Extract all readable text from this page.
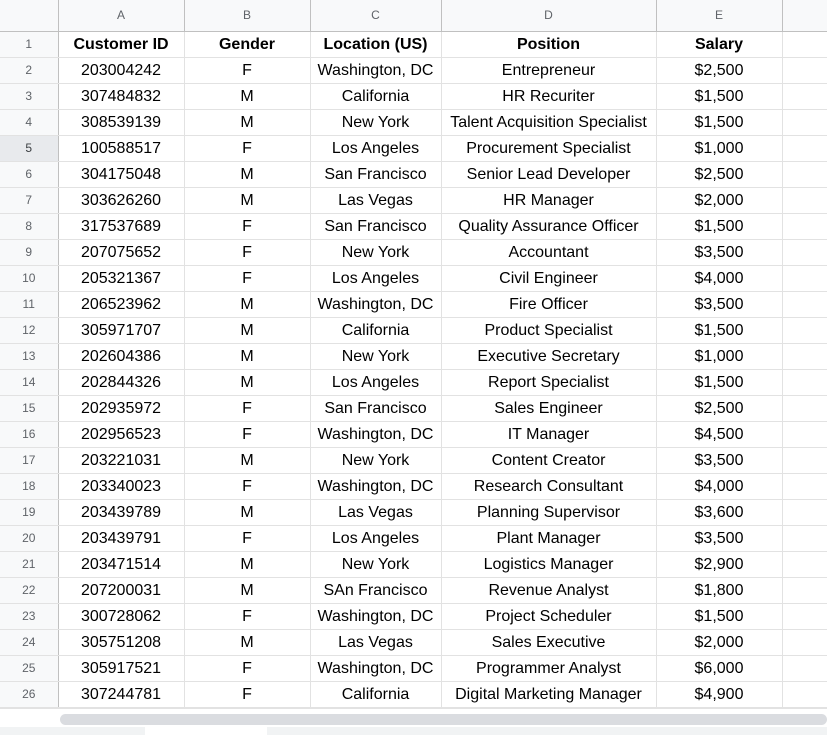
	A	B	C	D	E	
1	Customer ID	Gender	Location (US)	Position	Salary	
2	203004242	F	Washington, DC	Entrepreneur	$2,500	
3	307484832	M	California	HR Recuriter	$1,500	
4	308539139	M	New York	Talent Acquisition Specialist	$1,500	
5	100588517	F	Los Angeles	Procurement Specialist	$1,000	
6	304175048	M	San Francisco	Senior Lead Developer	$2,500	
7	303626260	M	Las Vegas	HR Manager	$2,000	
8	317537689	F	San Francisco	Quality Assurance Officer	$1,500	
9	207075652	F	New York	Accountant	$3,500	
10	205321367	F	Los Angeles	Civil Engineer	$4,000	
11	206523962	M	Washington, DC	Fire Officer	$3,500	
12	305971707	M	California	Product Specialist	$1,500	
13	202604386	M	New York	Executive Secretary	$1,000	
14	202844326	M	Los Angeles	Report Specialist	$1,500	
15	202935972	F	San Francisco	Sales Engineer	$2,500	
16	202956523	F	Washington, DC	IT Manager	$4,500	
17	203221031	M	New York	Content Creator	$3,500	
18	203340023	F	Washington, DC	Research Consultant	$4,000	
19	203439789	M	Las Vegas	Planning Supervisor	$3,600	
20	203439791	F	Los Angeles	Plant Manager	$3,500	
21	203471514	M	New York	Logistics Manager	$2,900	
22	207200031	M	SAn Francisco	Revenue Analyst	$1,800	
23	300728062	F	Washington, DC	Project Scheduler	$1,500	
24	305751208	M	Las Vegas	Sales Executive	$2,000	
25	305917521	F	Washington, DC	Programmer Analyst	$6,000	
26	307244781	F	California	Digital Marketing Manager	$4,900	
